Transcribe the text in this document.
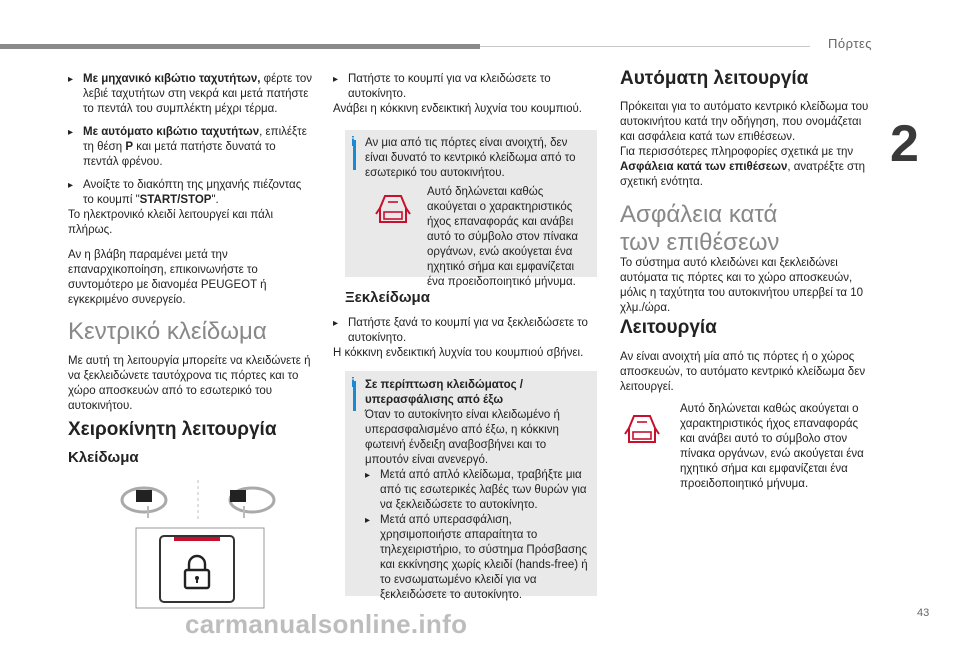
Πόρτες
2
43

▸ Με μηχανικό κιβώτιο ταχυτήτων, φέρτε τον λεβιέ ταχυτήτων στη νεκρά και μετά πατήστε το πεντάλ του συμπλέκτη μέχρι τέρμα.

▸ Με αυτόματο κιβώτιο ταχυτήτων, επιλέξτε τη θέση P και μετά πατήστε δυνατά το πεντάλ φρένου.

▸ Ανοίξτε το διακόπτη της μηχανής πιέζοντας το κουμπί "START/STOP".

Το ηλεκτρονικό κλειδί λειτουργεί και πάλι πλήρως.

Αν η βλάβη παραμένει μετά την επαναρχικοποίηση, επικοινωνήστε το συντομότερο με διανομέα PEUGEOT ή εγκεκριμένο συνεργείο.

Κεντρικό κλείδωμα
Με αυτή τη λειτουργία μπορείτε να κλειδώνετε ή να ξεκλειδώνετε ταυτόχρονα τις πόρτες και το χώρο αποσκευών από το εσωτερικό του αυτοκινήτου.
Χειροκίνητη λειτουργία
Κλείδωμα

▸ Πατήστε το κουμπί για να κλειδώσετε το αυτοκίνητο.

Ανάβει η κόκκινη ενδεικτική λυχνία του κουμπιού.

i Αν μια από τις πόρτες είναι ανοιχτή, δεν είναι δυνατό το κεντρικό κλείδωμα από το εσωτερικό του αυτοκινήτου.

Αυτό δηλώνεται καθώς ακούγεται ο χαρακτηριστικός ήχος επαναφοράς και ανάβει αυτό το σύμβολο στον πίνακα οργάνων, ενώ ακούγεται ένα ηχητικό σήμα και εμφανίζεται ένα προειδοποιητικό μήνυμα.

Ξεκλείδωμα

▸ Πατήστε ξανά το κουμπί για να ξεκλειδώσετε το αυτοκίνητο.

Η κόκκινη ενδεικτική λυχνία του κουμπιού σβήνει.

i Σε περίπτωση κλειδώματος / υπερασφάλισης από έξω

Όταν το αυτοκίνητο είναι κλειδωμένο ή υπερασφαλισμένο από έξω, η κόκκινη φωτεινή ένδειξη αναβοσβήνει και το μπουτόν είναι ανενεργό.

▸ Μετά από απλό κλείδωμα, τραβήξτε μια από τις εσωτερικές λαβές των θυρών για να ξεκλειδώσετε το αυτοκίνητο.

▸ Μετά από υπερασφάλιση, χρησιμοποιήστε απαραίτητα το τηλεχειριστήριο, το σύστημα Πρόσβασης και εκκίνησης χωρίς κλειδί (hands-free) ή το ενσωματωμένο κλειδί για να ξεκλειδώσετε το αυτοκίνητο.

Αυτόματη λειτουργία

Πρόκειται για το αυτόματο κεντρικό κλείδωμα του αυτοκινήτου κατά την οδήγηση, που ονομάζεται και ασφάλεια κατά των επιθέσεων.

Για περισσότερες πληροφορίες σχετικά με την Ασφάλεια κατά των επιθέσεων, ανατρέξτε στη σχετική ενότητα.

Ασφάλεια κατά των επιθέσεων
Το σύστημα αυτό κλειδώνει και ξεκλειδώνει αυτόματα τις πόρτες και το χώρο αποσκευών, μόλις η ταχύτητα του αυτοκινήτου υπερβεί τα 10 χλμ./ώρα.
Λειτουργία
Αν είναι ανοιχτή μία από τις πόρτες ή ο χώρος αποσκευών, το αυτόματο κεντρικό κλείδωμα δεν λειτουργεί.
Αυτό δηλώνεται καθώς ακούγεται ο χαρακτηριστικός ήχος επαναφοράς και ανάβει αυτό το σύμβολο στον πίνακα οργάνων, ενώ ακούγεται ένα ηχητικό σήμα και εμφανίζεται ένα προειδοποιητικό μήνυμα.
carmanualsonline.info
